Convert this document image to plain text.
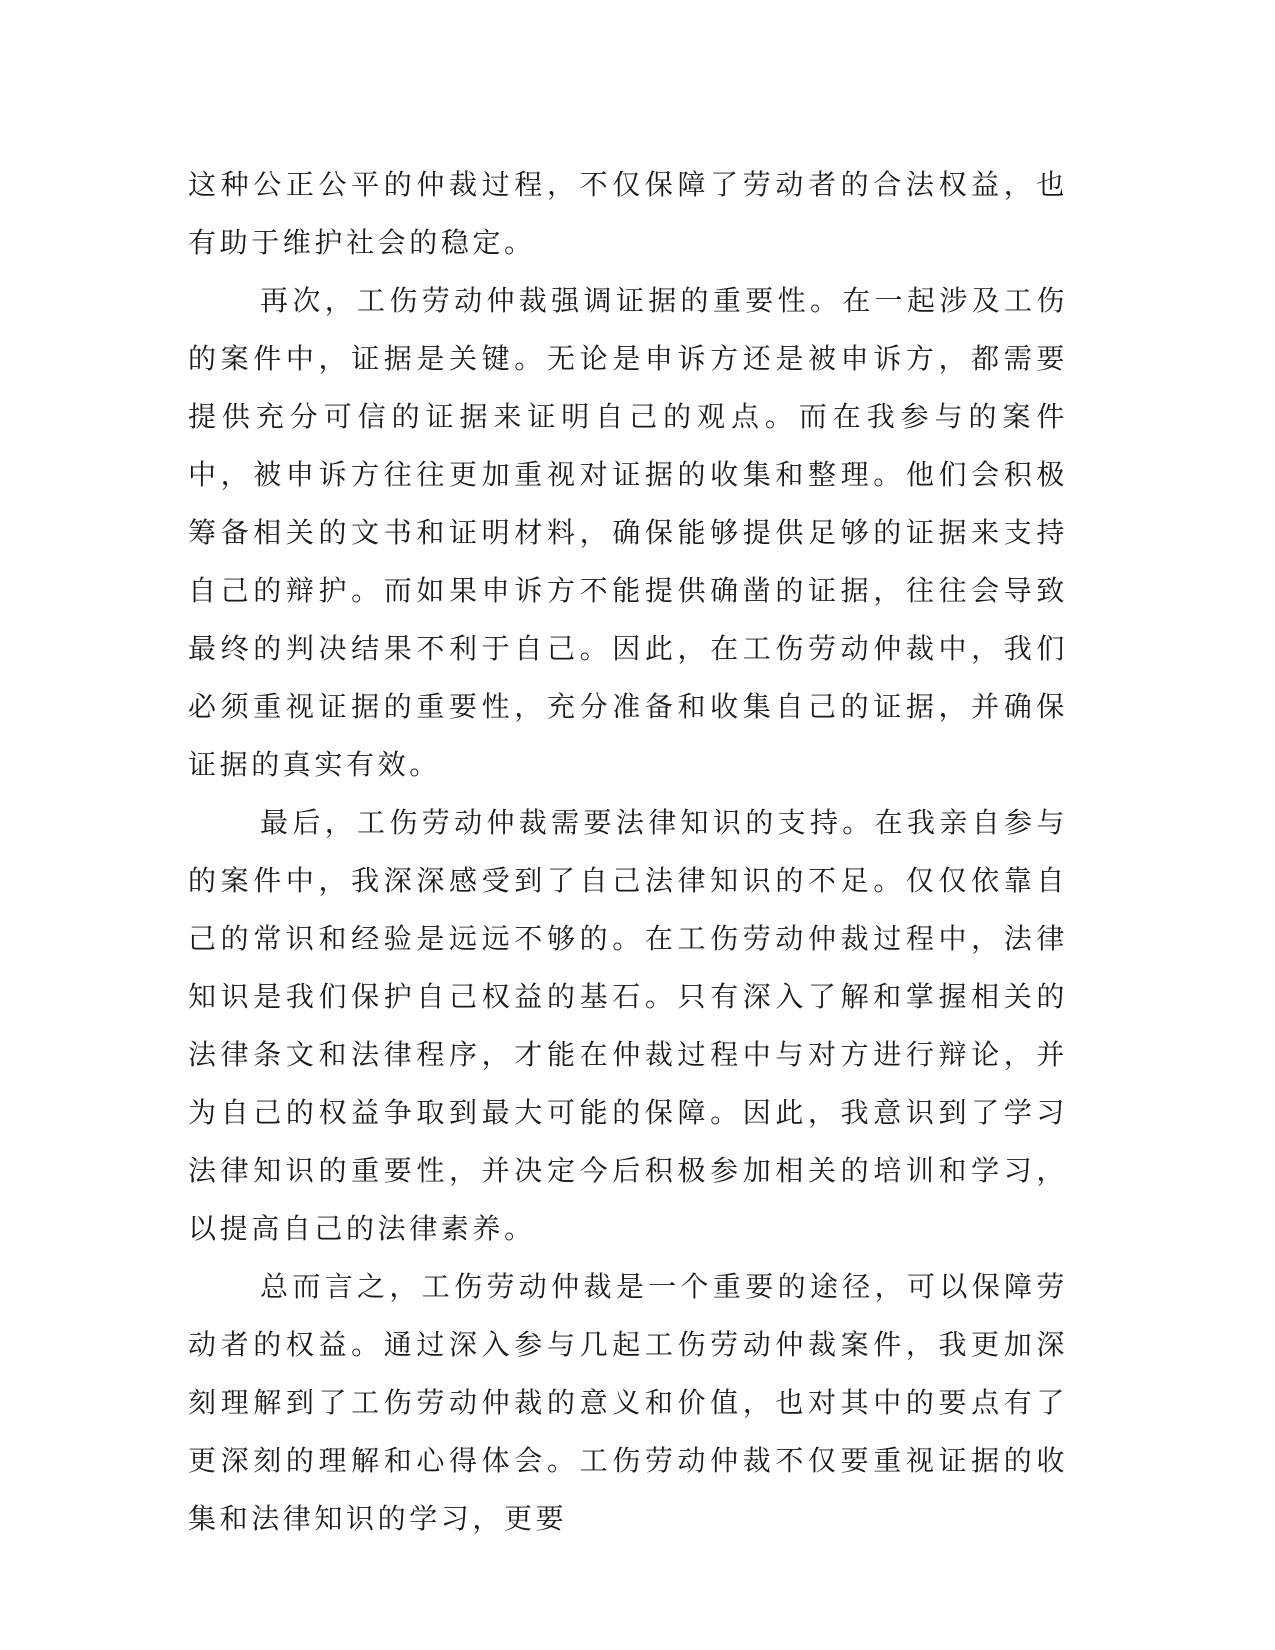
这种公正公平的仲裁过程，不仅保障了劳动者的合法权益，也有助于维护社会的稳定。

再次，工伤劳动仲裁强调证据的重要性。在一起涉及工伤的案件中，证据是关键。无论是申诉方还是被申诉方，都需要提供充分可信的证据来证明自己的观点。而在我参与的案件中，被申诉方往往更加重视对证据的收集和整理。他们会积极筹备相关的文书和证明材料，确保能够提供足够的证据来支持自己的辩护。而如果申诉方不能提供确凿的证据，往往会导致最终的判决结果不利于自己。因此，在工伤劳动仲裁中，我们必须重视证据的重要性，充分准备和收集自己的证据，并确保证据的真实有效。

最后，工伤劳动仲裁需要法律知识的支持。在我亲自参与的案件中，我深深感受到了自己法律知识的不足。仅仅依靠自己的常识和经验是远远不够的。在工伤劳动仲裁过程中，法律知识是我们保护自己权益的基石。只有深入了解和掌握相关的法律条文和法律程序，才能在仲裁过程中与对方进行辩论，并为自己的权益争取到最大可能的保障。因此，我意识到了学习法律知识的重要性，并决定今后积极参加相关的培训和学习，以提高自己的法律素养。

总而言之，工伤劳动仲裁是一个重要的途径，可以保障劳动者的权益。通过深入参与几起工伤劳动仲裁案件，我更加深刻理解到了工伤劳动仲裁的意义和价值，也对其中的要点有了更深刻的理解和心得体会。工伤劳动仲裁不仅要重视证据的收集和法律知识的学习，更要
